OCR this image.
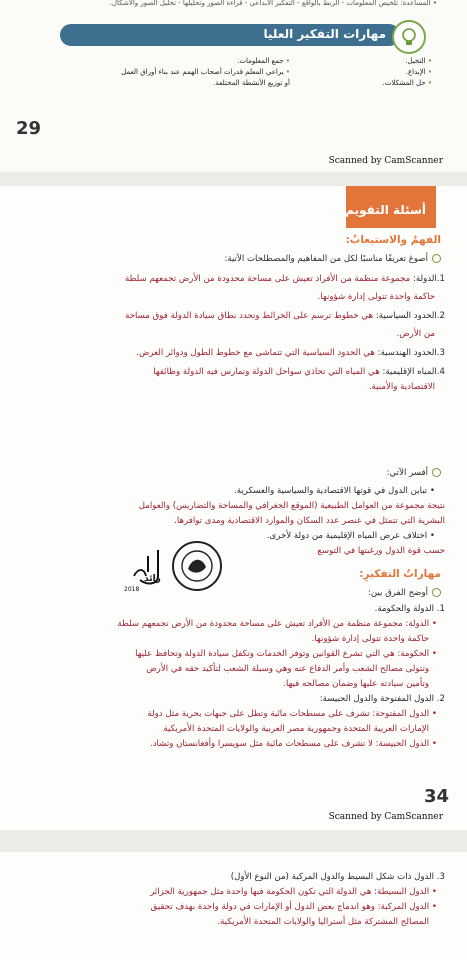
• المساعدة: تلخيص المعلومات - الربط بالواقع - التفكير الابداعي - قراءة الصور وتحليلها - تحليل الصور والأشكال.
مهارات التفكير العليا
• التخيل.
• الإبداع.
• حل المشكلات.
• جمع المعلومات.
• يراعي المعلم قدرات أصحاب الهمم عند بناء أوراق العمل
أو توزيع الأنشطة المختلفة.
29
Scanned by CamScanner
أسئلة التقويم
الفهمُ والاستيعابُ:
أصوغ تعريفًا مناسبًا لكل من المفاهيم والمصطلحات الآتية:
1.الدولة: مجموعة منظمة من الأفراد تعيش على مساحة محدودة من الأرض تجمعهم سلطة
حاكمة واحدة تتولى إدارة شؤونها.
2.الحدود السياسية: هي خطوط ترسم على الخرائط وتحدد نطاق سيادة الدولة فوق مساحة
من الأرض.
3.الحدود الهندسية: هي الحدود السياسية التي تتماشى مع خطوط الطول ودوائر العرض.
4.المياه الإقليمية: هي المياه التي تحاذي سواحل الدولة وتمارس فيه الدولة وظائفها
الاقتصادية والأمنية.
أفسر الآتي:
• تباين الدول في قوتها الاقتصادية والسياسية والعسكرية.
نتيجة مجموعة من العوامل الطبيعية (الموقع الجغرافي والمساحة والتضاريس) والعوامل
البشرية التي تتمثل في عنصر عدد السكان والموارد الاقتصادية ومدى توافرها.
• اختلاف عرض المياه الإقليمية من دولة لأخرى.
حسب قوة الدول ورغبتها في التوسع
رائد
2018
مهاراتُ التفكيرِ:
أوضح الفرق بين:
1. الدولة والحكومة.
• الدولة: مجموعة منظمة من الأفراد تعيش على مساحة محدودة من الأرض تجمعهم سلطة
حاكمة واحدة تتولى إدارة شؤونها.
• الحكومة: هي التي تشرع القوانين وتوفر الخدمات وتكفل سيادة الدولة وتحافظ عليها
وتتولى مصالح الشعب وأمر الدفاع عنه وهي وسيلة الشعب لتأكيد حقه في الأرض
وتأمين سيادته عليها وضمان مصالحه فيها.
2. الدول المفتوحة والدول الحبيسة:
• الدول المفتوحة: تشرف على مسطحات مائية وتطل على جبهات بحرية مثل دولة
الإمارات العربية المتحدة وجمهورية مصر العربية والولايات المتحدة الأمريكية
• الدول الحبيسة: لا تشرف على مسطحات مائية مثل سويسرا وأفغانستان وتشاد.
34
Scanned by CamScanner
3. الدول ذات شكل البسيط والدول المركبة (من النوع الأول)
• الدول البسيطة: هي الدولة التي تكون الحكومة فيها واحدة مثل جمهورية الجزائر
• الدول المركبة: وهو اندماج بعض الدول أو الإمارات في دولة واحدة بهدف تحقيق
المصالح المشتركة مثل أستراليا والولايات المتحدة الأمريكية.
